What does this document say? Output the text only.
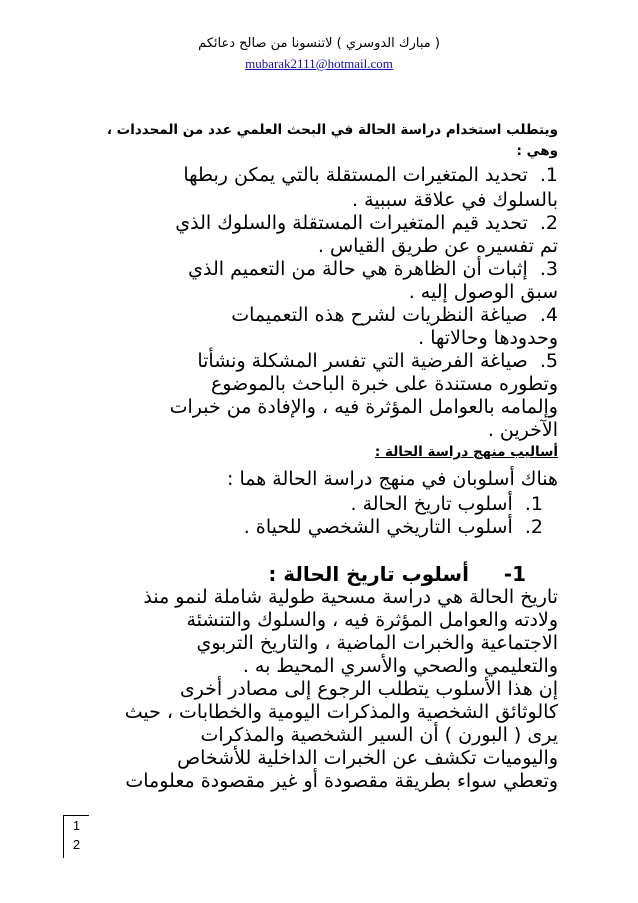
( مبارك الدوسري ) لاتنسونا من صالح دعائكم
mubarak2111@hotmail.com
ويتطلب استخدام دراسة الحالة في البحث العلمي عدد من المحددات ،
وهي :
1.  تحديد المتغيرات المستقلة بالتي يمكن ربطها
بالسلوك في علاقة سببية .
2.  تحديد قيم المتغيرات المستقلة والسلوك الذي
تم تفسيره عن طريق القياس .
3.  إثبات أن الظاهرة هي حالة من التعميم الذي
سبق الوصول إليه .
4.  صياغة النظريات لشرح هذه التعميمات
وحدودها وحالاتها .
5.  صياغة الفرضية التي تفسر المشكلة ونشأتا
وتطوره مستندة على خبرة الباحث بالموضوع
وإلمامه بالعوامل المؤثرة فيه ، والإفادة من خبرات
الآخرين .
أساليب منهج دراسة الحالة :
هناك أسلوبان في منهج دراسة الحالة هما :
1.  أسلوب تاريخ الحالة .
2.  أسلوب التاريخي الشخصي للحياة .
1-     أسلوب تاريخ الحالة :
تاريخ الحالة هي دراسة مسحية طولية شاملة لنمو منذ
ولادته والعوامل المؤثرة فيه ، والسلوك والتنشئة
الاجتماعية والخبرات الماضية ، والتاريخ التربوي
والتعليمي والصحي والأسري المحيط به .
إن هذا الأسلوب يتطلب الرجوع إلى مصادر أخرى
كالوثائق الشخصية والمذكرات اليومية والخطابات ، حيث
يرى ( البورن ) أن السير الشخصية والمذكرات
واليوميات تكشف عن الخبرات الداخلية للأشخاص
وتعطي سواء بطريقة مقصودة أو غير مقصودة معلومات
1
2
